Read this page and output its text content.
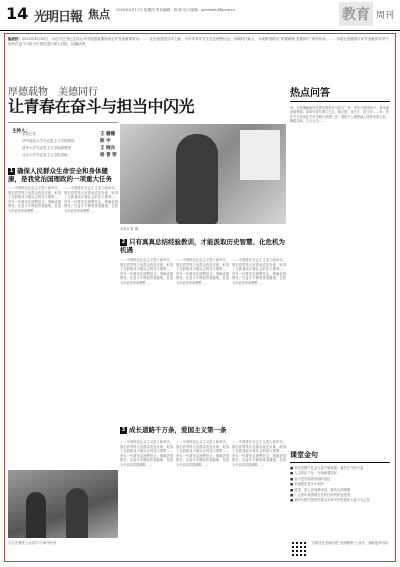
14 光明日報 焦点 2025年4月17日 星期四 责任编辑：杨 帆 电子邮箱：gmrbedu@gmw.cn	教育 周刊
编者按：2025年4月16日，习近平总书记主持召开学校思政课座谈会并发表重要讲话。……在庆祝建党百年之际，为引导青年学生坚定理想信念，争做时代新人，本报策划推出“厚德载物 美德同行”系列访谈。……本报记者邀请专家学者就青年学子如何在奋斗与担当中成长进行深入讨论，以飨读者。
厚德载物　美德同行
让青春在奋斗与担当中闪光
主持人：
本报记者	王 姗姗
华中师范大学马克思主义学院教授	陈 宇
清华大学马克思主义学院副教授	王 晓兵
北京大学马克思主义学院讲师	杨 晋 荣
本报记者 摄
1 确保人民群众生命安全和身体健康，是我党治国理政的一项重大任务
……中国特色社会主义进入新时代，我们党带领人民群众攻坚克难，取得了全面建成小康社会的伟大胜利……青年一代要坚定理想信念，厚植爱国情怀，在奋斗中释放青春激情，在担当中追求青春理想……
……中国特色社会主义进入新时代，我们党带领人民群众攻坚克难，取得了全面建成小康社会的伟大胜利……青年一代要坚定理想信念，厚植爱国情怀，在奋斗中释放青春激情，在担当中追求青春理想……
2 只有真真总结经验教训，才能汲取历史智慧、化危机为机遇
……中国特色社会主义进入新时代，我们党带领人民群众攻坚克难，取得了全面建成小康社会的伟大胜利……青年一代要坚定理想信念，厚植爱国情怀，在奋斗中释放青春激情，在担当中追求青春理想……
……中国特色社会主义进入新时代，我们党带领人民群众攻坚克难，取得了全面建成小康社会的伟大胜利……青年一代要坚定理想信念，厚植爱国情怀，在奋斗中释放青春激情，在担当中追求青春理想……
……中国特色社会主义进入新时代，我们党带领人民群众攻坚克难，取得了全面建成小康社会的伟大胜利……青年一代要坚定理想信念，厚植爱国情怀，在奋斗中释放青春激情，在担当中追求青春理想……
3 成长道路千万条，爱国主义第一条
……中国特色社会主义进入新时代，我们党带领人民群众攻坚克难，取得了全面建成小康社会的伟大胜利……青年一代要坚定理想信念，厚植爱国情怀，在奋斗中释放青春激情，在担当中追求青春理想……
……中国特色社会主义进入新时代，我们党带领人民群众攻坚克难，取得了全面建成小康社会的伟大胜利……青年一代要坚定理想信念，厚植爱国情怀，在奋斗中释放青春激情，在担当中追求青春理想……
……中国特色社会主义进入新时代，我们党带领人民群众攻坚克难，取得了全面建成小康社会的伟大胜利……青年一代要坚定理想信念，厚植爱国情怀，在奋斗中释放青春激情，在担当中追求青春理想……
学生在课堂上认真学习 新华社发
热点问答
问：怎样理解新时代青年的责任与担当？答：青年兴则国家兴，青年强则国家强。新时代青年要立大志、明大德、成大才、担大任……问：青年学生如何在学习中践行美德？答：要把个人理想融入国家发展大局，脚踏实地，久久为功……
课堂金句
■ 青年是整个社会力量中最积极、最有生气的力量
■ 人生的扣子从一开始就要扣好
■ 奋斗是青春最亮丽的底色
■ 幸福都是奋斗出来的
■ 爱国，是人世间最深层、最持久的情感
■ 广大青年要勇做走在时代前列的奋进者
■ 新时代的中国青年要以实现中华民族伟大复兴为己任
扫码关注光明日报“光明教育”公众号，获取更多内容
